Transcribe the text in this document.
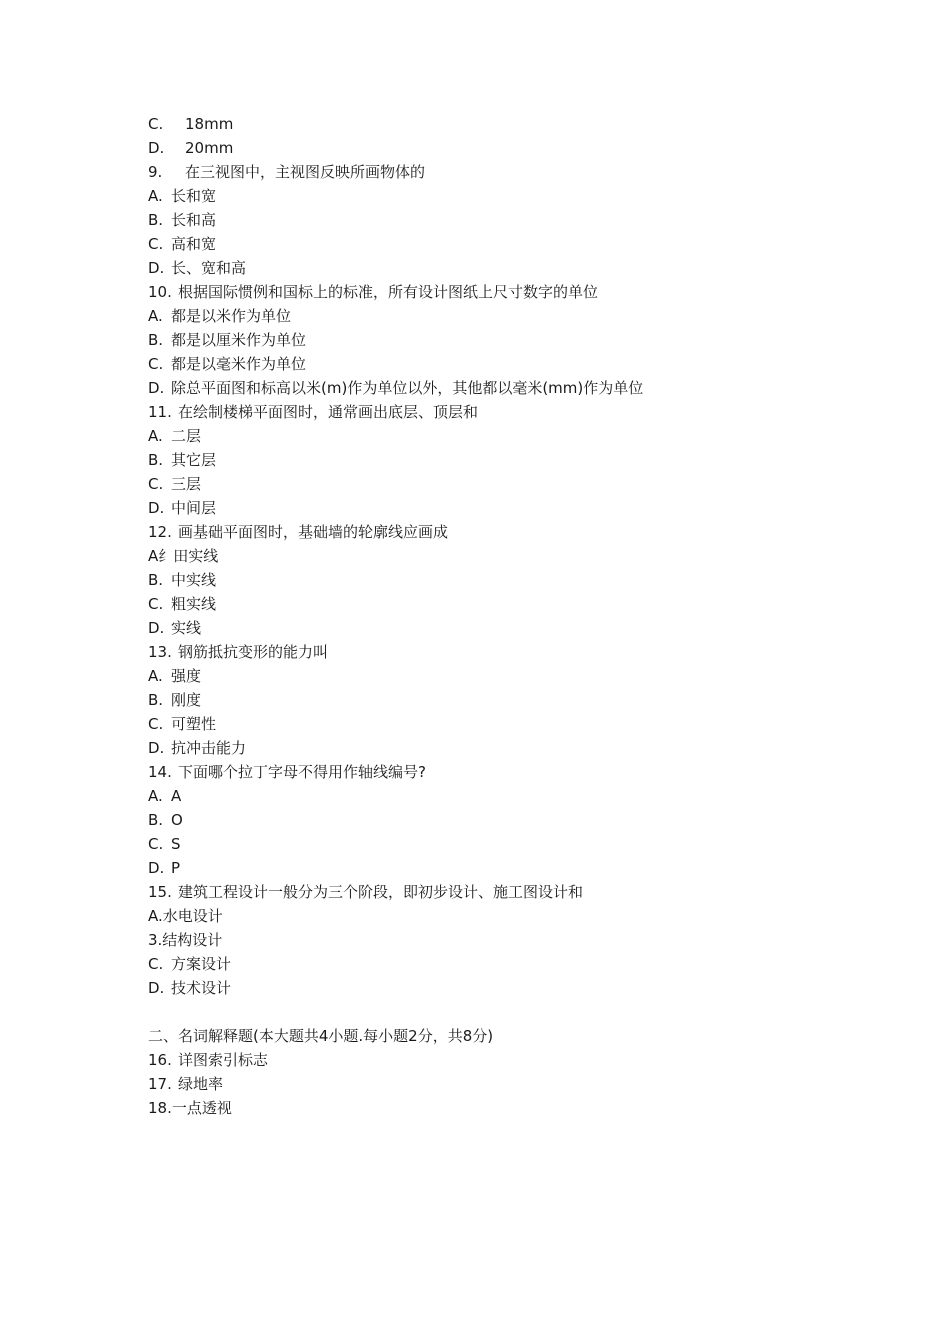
C. 18mm
D. 20mm
9. 在三视图中，主视图反映所画物体的
A. 长和宽
B. 长和高
C. 高和宽
D. 长、宽和高
10. 根据国际惯例和国标上的标准，所有设计图纸上尺寸数字的单位
A. 都是以米作为单位
B. 都是以厘米作为单位
C. 都是以毫米作为单位
D. 除总平面图和标高以米(m)作为单位以外，其他都以毫米(mm)作为单位
11. 在绘制楼梯平面图时，通常画出底层、顶层和
A. 二层
B. 其它层
C. 三层
D. 中间层
12. 画基础平面图时，基础墙的轮廓线应画成
A纟田实线
B. 中实线
C. 粗实线
D. 实线
13. 钢筋抵抗变形的能力叫
A. 强度
B. 刚度
C. 可塑性
D. 抗冲击能力
14. 下面哪个拉丁字母不得用作轴线编号?
A. A
B. O
C. S
D. P
15. 建筑工程设计一般分为三个阶段，即初步设计、施工图设计和
A.水电设计
3.结构设计
C. 方案设计
D. 技术设计
二、名词解释题(本大题共4小题.每小题2分，共8分)
16. 详图索引标志
17. 绿地率
18.一点透视
